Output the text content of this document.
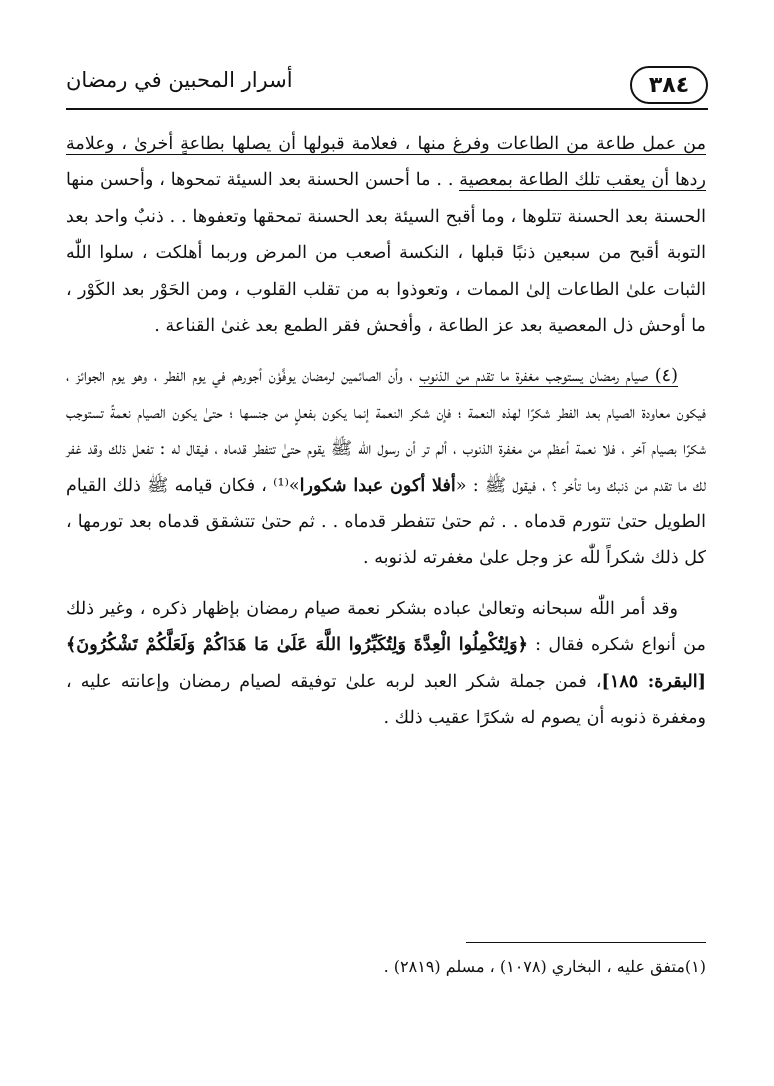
٣٨٤
أسرار المحبين في رمضان

من عمل طاعة من الطاعات وفرغ منها ، فعلامة قبولها أن يصلها بطاعةٍ أخرىٰ ، وعلامة ردها أن يعقب تلك الطاعة بمعصية . . ما أحسن الحسنة بعد السيئة تمحوها ، وأحسن منها الحسنة بعد الحسنة تتلوها ، وما أقبح السيئة بعد الحسنة تمحقها وتعفوها . . ذنبٌ واحد بعد التوبة أقبح من سبعين ذنبًا قبلها ، النكسة أصعب من المرض وربما أهلكت ، سلوا اللّٰه الثبات علىٰ الطاعات إلىٰ الممات ، وتعوذوا به من تقلب القلوب ، ومن الحَوْر بعد الكَوْر ، ما أوحش ذل المعصية بعد عز الطاعة ، وأفحش فقر الطمع بعد غنىٰ القناعة .

(٤) صيام رمضان يستوجب مغفرة ما تقدم من الذنوب ، وأن الصائمين لرمضان يوفَّوْن أجورهم في يوم الفطر ، وهو يوم الجوائز ، فيكون معاودة الصيام بعد الفطر شكرًا لهذه النعمة ؛ فإن شكر النعمة إنما يكون بفعلٍ من جنسها ؛ حتىٰ يكون الصيام نعمةً تستوجب شكرًا بصيام آخر ، فلا نعمة أعظم من مغفرة الذنوب ، ألم تر أن رسول اللّٰه ﷺ يقوم حتىٰ تتفطر قدماه ، فيقال له : تفعل ذلك وقد غفر لك ما تقدم من ذنبك وما تأخر ؟ ، فيقول ﷺ : «أفلا أكون عبدا شكورا»⁽¹⁾ ، فكان قيامه ﷺ ذلك القيام الطويل حتىٰ تتورم قدماه . . ثم حتىٰ تتفطر قدماه . . ثم حتىٰ تتشقق قدماه بعد تورمها ، كل ذلك شكراً للّٰه عز وجل علىٰ مغفرته لذنوبه .

وقد أمر اللّٰه سبحانه وتعالىٰ عباده بشكر نعمة صيام رمضان بإظهار ذكره ، وغير ذلك من أنواع شكره فقال : ﴿وَلِتُكْمِلُوا الْعِدَّةَ وَلِتُكَبِّرُوا اللَّهَ عَلَىٰ مَا هَدَاكُمْ وَلَعَلَّكُمْ تَشْكُرُونَ﴾ [البقرة: ١٨٥]، فمن جملة شكر العبد لربه علىٰ توفيقه لصيام رمضان وإعانته عليه ، ومغفرة ذنوبه أن يصوم له شكرًا عقيب ذلك .

(١)متفق عليه ، البخاري (١٠٧٨) ، مسلم (٢٨١٩) .
